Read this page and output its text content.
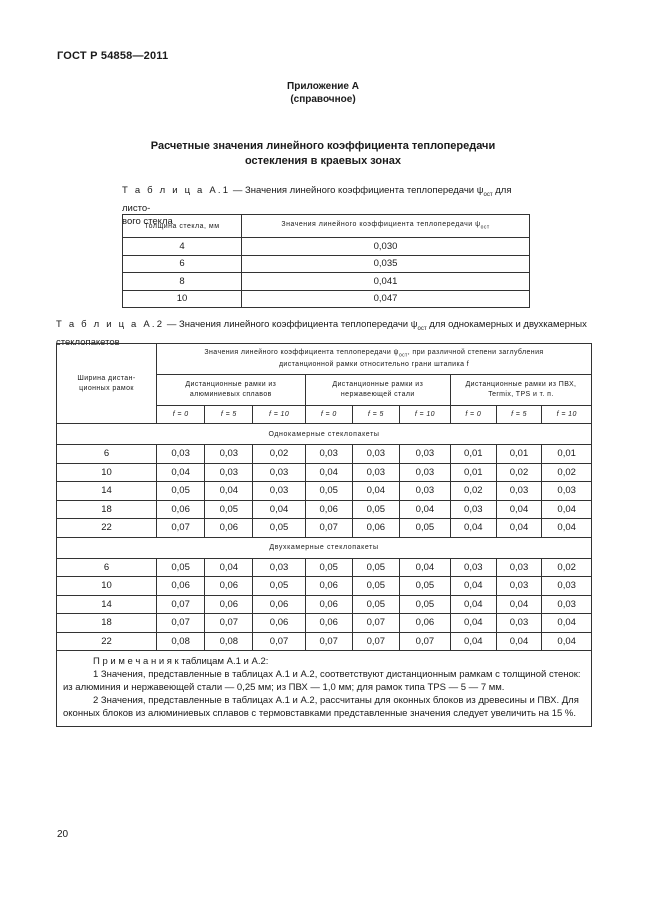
ГОСТ Р 54858—2011
Приложение А
(справочное)
Расчетные значения линейного коэффициента теплопередачи
остекления в краевых зонах
Т а б л и ц а А.1 — Значения линейного коэффициента теплопередачи $\psi_{ост}$ для листо-
вого стекла
Толщина стекла, мм	Значения линейного коэффициента теплопередачи $\psi_{ост}$
4	0,030
6	0,035
8	0,041
10	0,047
Т а б л и ц а А.2 — Значения линейного коэффициента теплопередачи $\psi_{ост}$ для однокамерных и двухкамерных
стеклопакетов
Ширина дистан-ционных рамок	Значения линейного коэффициента теплопередачи $\psi_{ост}$, при различной степени заглубления дистанционной рамки относительно грани штапика f								
	Дистанционные рамки из алюминиевых сплавов			Дистанционные рамки из нержавеющей стали			Дистанционные рамки из ПВХ, Termix, TPS и т. п.		
	f = 0	f = 5	f = 10	f = 0	f = 5	f = 10	f = 0	f = 5	f = 10
Однокамерные стеклопакеты									
6	0,03	0,03	0,02	0,03	0,03	0,03	0,01	0,01	0,01
10	0,04	0,03	0,03	0,04	0,03	0,03	0,01	0,02	0,02
14	0,05	0,04	0,03	0,05	0,04	0,03	0,02	0,03	0,03
18	0,06	0,05	0,04	0,06	0,05	0,04	0,03	0,04	0,04
22	0,07	0,06	0,05	0,07	0,06	0,05	0,04	0,04	0,04
Двухкамерные стеклопакеты									
6	0,05	0,04	0,03	0,05	0,05	0,04	0,03	0,03	0,02
10	0,06	0,06	0,05	0,06	0,05	0,05	0,04	0,03	0,03
14	0,07	0,06	0,06	0,06	0,05	0,05	0,04	0,04	0,03
18	0,07	0,07	0,06	0,06	0,07	0,06	0,04	0,03	0,04
22	0,08	0,08	0,07	0,07	0,07	0,07	0,04	0,04	0,04

П р и м е ч а н и я к таблицам А.1 и А.2:
1 Значения, представленные в таблицах А.1 и А.2, соответствуют дистанционным рамкам с толщиной стенок: из алюминия и нержавеющей стали — 0,25 мм; из ПВХ — 1,0 мм; для рамок типа TPS — 5 — 7 мм.
2 Значения, представленные в таблицах А.1 и А.2, рассчитаны для оконных блоков из древесины и ПВХ. Для оконных блоков из алюминиевых сплавов с термовставками представленные значения следует увеличить на 15 %.									
20
